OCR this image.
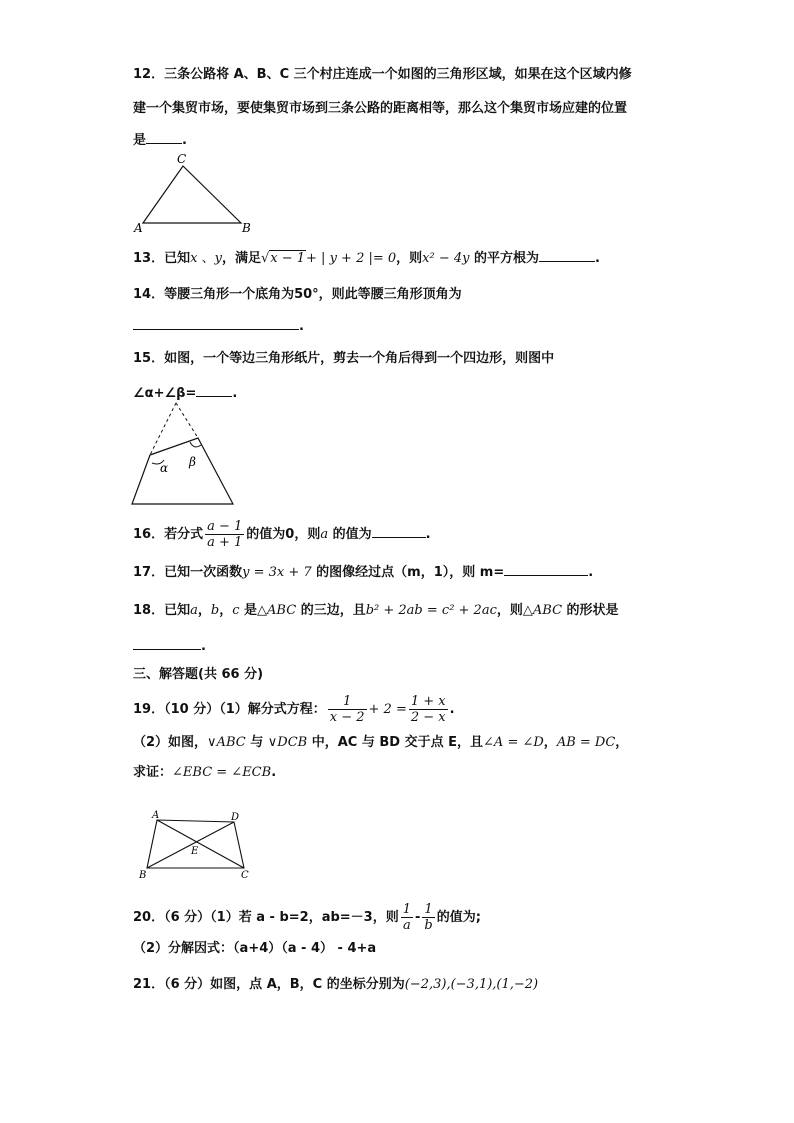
12．三条公路将 A、B、C 三个村庄连成一个如图的三角形区域，如果在这个区域内修
建一个集贸市场，要使集贸市场到三条公路的距离相等，那么这个集贸市场应建的位置
是	.
C
A	B
13．已知x 、y，满足√x − 1+ | y + 2 |= 0，则x² − 4y 的平方根为	.
14．等腰三角形一个底角为50°，则此等腰三角形顶角为
.
15．如图，一个等边三角形纸片，剪去一个角后得到一个四边形，则图中
∠α+∠β=	.
α β
16．若分式 $\frac{a - 1}{a + 1}$ 的值为0，则a 的值为	.
17．已知一次函数y = 3x + 7 的图像经过点（m，1），则 m=	.
18．已知a，b，c 是△ABC 的三边，且b² + 2ab = c² + 2ac，则△ABC 的形状是
.
三、解答题(共 66 分)
19．（10 分）（1）解分式方程： $\frac{1}{x - 2} + 2 = \frac{1 + x}{2 - x}$ .
（2）如图，∨ABC 与 ∨DCB 中，AC 与 BD 交于点 E，且∠A = ∠D，AB = DC，
求证：∠EBC = ∠ECB.
A	D
E
B	C
20．（6 分）（1）若 a - b=2，ab=－3，则 $\frac{1}{a} - \frac{1}{b}$ 的值为;
（2）分解因式：（a+4）（a - 4） - 4+a
21．（6 分）如图，点 A，B，C 的坐标分别为(−2,3),(−3,1),(1,−2)
